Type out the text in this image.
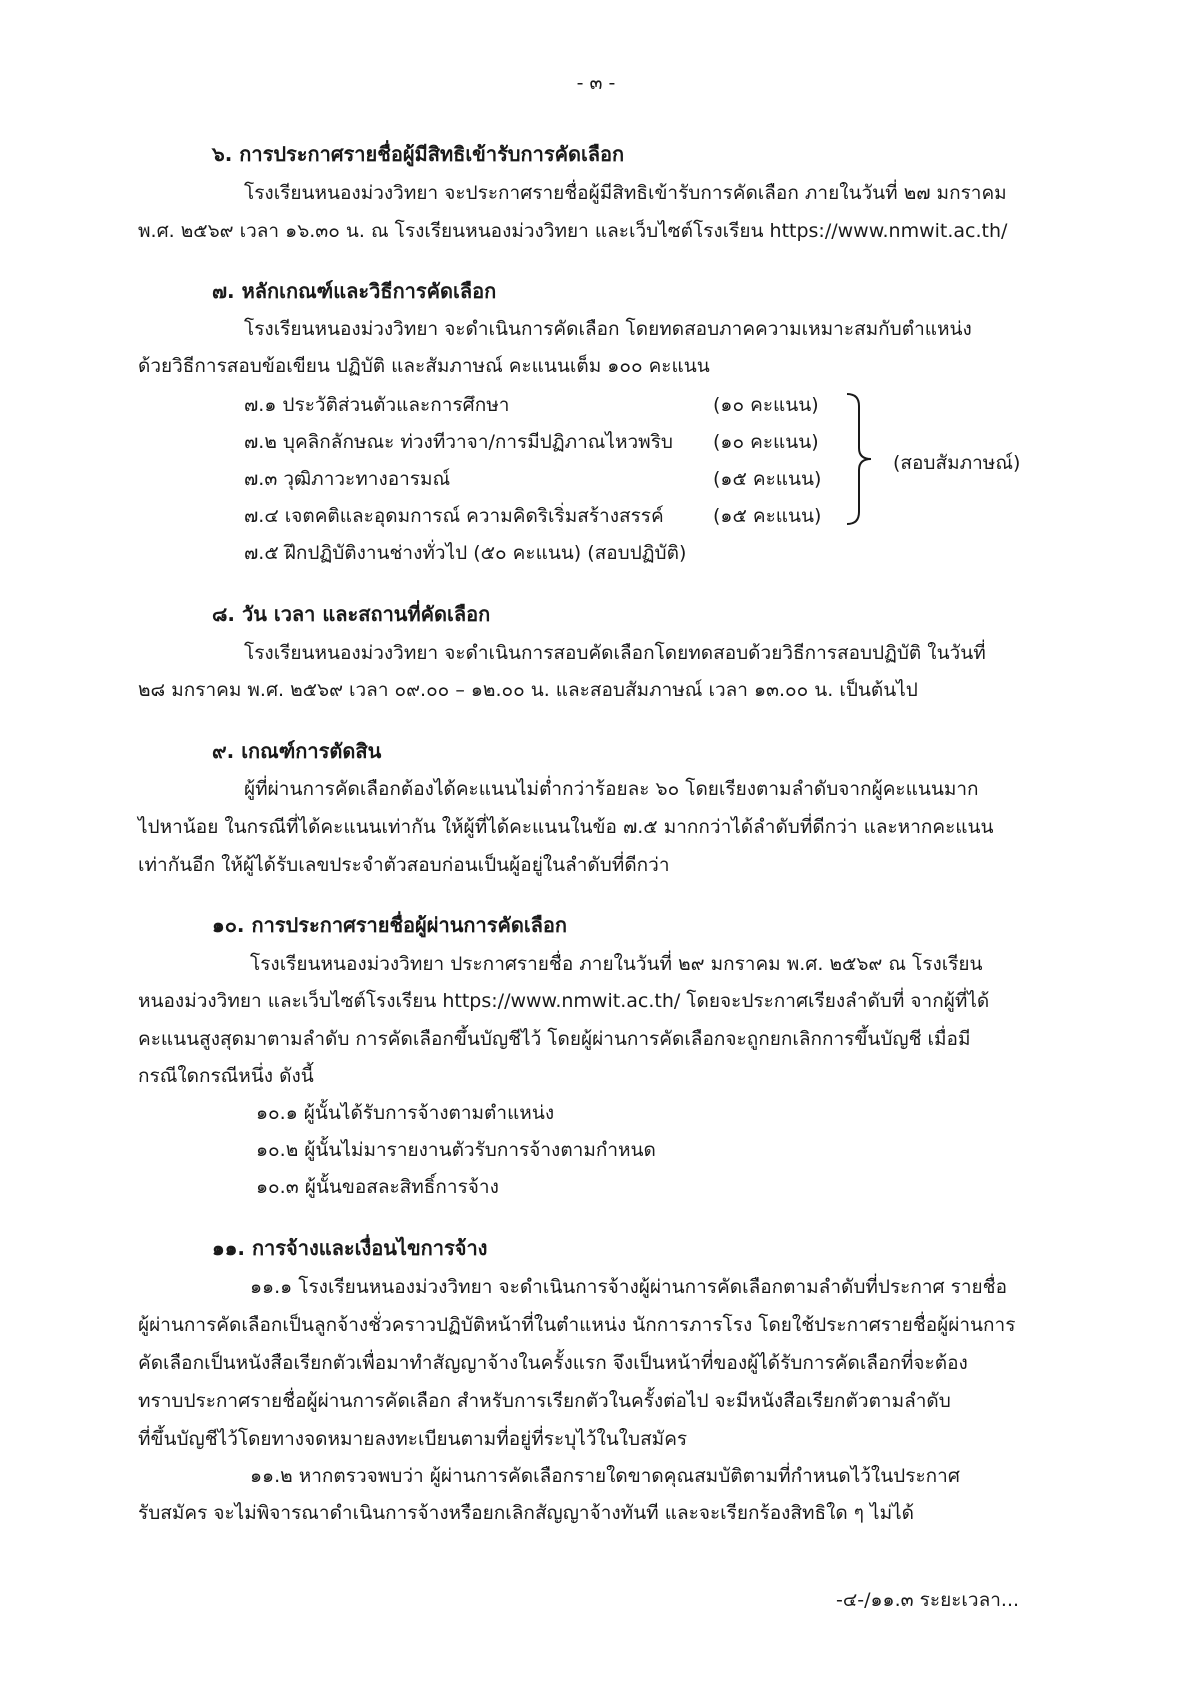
- ๓ -
๖. การประกาศรายชื่อผู้มีสิทธิเข้ารับการคัดเลือก
โรงเรียนหนองม่วงวิทยา จะประกาศรายชื่อผู้มีสิทธิเข้ารับการคัดเลือก ภายในวันที่ ๒๗ มกราคม
พ.ศ. ๒๕๖๙ เวลา ๑๖.๓๐ น. ณ โรงเรียนหนองม่วงวิทยา และเว็บไซต์โรงเรียน https://www.nmwit.ac.th/
๗. หลักเกณฑ์และวิธีการคัดเลือก
โรงเรียนหนองม่วงวิทยา จะดำเนินการคัดเลือก โดยทดสอบภาคความเหมาะสมกับตำแหน่ง
ด้วยวิธีการสอบข้อเขียน ปฏิบัติ และสัมภาษณ์ คะแนนเต็ม ๑๐๐ คะแนน
๗.๑ ประวัติส่วนตัวและการศึกษา	(๑๐ คะแนน)
๗.๒ บุคลิกลักษณะ ท่วงทีวาจา/การมีปฏิภาณไหวพริบ (๑๐ คะแนน)
๗.๓ วุฒิภาวะทางอารมณ์	(๑๕ คะแนน)
๗.๔ เจตคติและอุดมการณ์ ความคิดริเริ่มสร้างสรรค์	(๑๕ คะแนน)
(สอบสัมภาษณ์)
๗.๕ ฝึกปฏิบัติงานช่างทั่วไป (๕๐ คะแนน) (สอบปฏิบัติ)
๘. วัน เวลา และสถานที่คัดเลือก
โรงเรียนหนองม่วงวิทยา จะดำเนินการสอบคัดเลือกโดยทดสอบด้วยวิธีการสอบปฏิบัติ ในวันที่
๒๘ มกราคม พ.ศ. ๒๕๖๙ เวลา ๐๙.๐๐ – ๑๒.๐๐ น. และสอบสัมภาษณ์ เวลา ๑๓.๐๐ น. เป็นต้นไป
๙. เกณฑ์การตัดสิน
ผู้ที่ผ่านการคัดเลือกต้องได้คะแนนไม่ต่ำกว่าร้อยละ ๖๐ โดยเรียงตามลำดับจากผู้คะแนนมาก
ไปหาน้อย ในกรณีที่ได้คะแนนเท่ากัน ให้ผู้ที่ได้คะแนนในข้อ ๗.๕ มากกว่าได้ลำดับที่ดีกว่า และหากคะแนน
เท่ากันอีก ให้ผู้ได้รับเลขประจำตัวสอบก่อนเป็นผู้อยู่ในลำดับที่ดีกว่า
๑๐. การประกาศรายชื่อผู้ผ่านการคัดเลือก
โรงเรียนหนองม่วงวิทยา ประกาศรายชื่อ ภายในวันที่ ๒๙ มกราคม พ.ศ. ๒๕๖๙ ณ โรงเรียน
หนองม่วงวิทยา และเว็บไซต์โรงเรียน https://www.nmwit.ac.th/ โดยจะประกาศเรียงลำดับที่ จากผู้ที่ได้
คะแนนสูงสุดมาตามลำดับ การคัดเลือกขึ้นบัญชีไว้ โดยผู้ผ่านการคัดเลือกจะถูกยกเลิกการขึ้นบัญชี เมื่อมี
กรณีใดกรณีหนึ่ง ดังนี้
๑๐.๑ ผู้นั้นได้รับการจ้างตามตำแหน่ง
๑๐.๒ ผู้นั้นไม่มารายงานตัวรับการจ้างตามกำหนด
๑๐.๓ ผู้นั้นขอสละสิทธิ์การจ้าง
๑๑. การจ้างและเงื่อนไขการจ้าง
๑๑.๑ โรงเรียนหนองม่วงวิทยา จะดำเนินการจ้างผู้ผ่านการคัดเลือกตามลำดับที่ประกาศ รายชื่อ
ผู้ผ่านการคัดเลือกเป็นลูกจ้างชั่วคราวปฏิบัติหน้าที่ในตำแหน่ง นักการภารโรง โดยใช้ประกาศรายชื่อผู้ผ่านการ
คัดเลือกเป็นหนังสือเรียกตัวเพื่อมาทำสัญญาจ้างในครั้งแรก จึงเป็นหน้าที่ของผู้ได้รับการคัดเลือกที่จะต้อง
ทราบประกาศรายชื่อผู้ผ่านการคัดเลือก สำหรับการเรียกตัวในครั้งต่อไป จะมีหนังสือเรียกตัวตามลำดับ
ที่ขึ้นบัญชีไว้โดยทางจดหมายลงทะเบียนตามที่อยู่ที่ระบุไว้ในใบสมัคร
๑๑.๒ หากตรวจพบว่า ผู้ผ่านการคัดเลือกรายใดขาดคุณสมบัติตามที่กำหนดไว้ในประกาศ
รับสมัคร จะไม่พิจารณาดำเนินการจ้างหรือยกเลิกสัญญาจ้างทันที และจะเรียกร้องสิทธิใด ๆ ไม่ได้
-๔-/๑๑.๓ ระยะเวลา...
